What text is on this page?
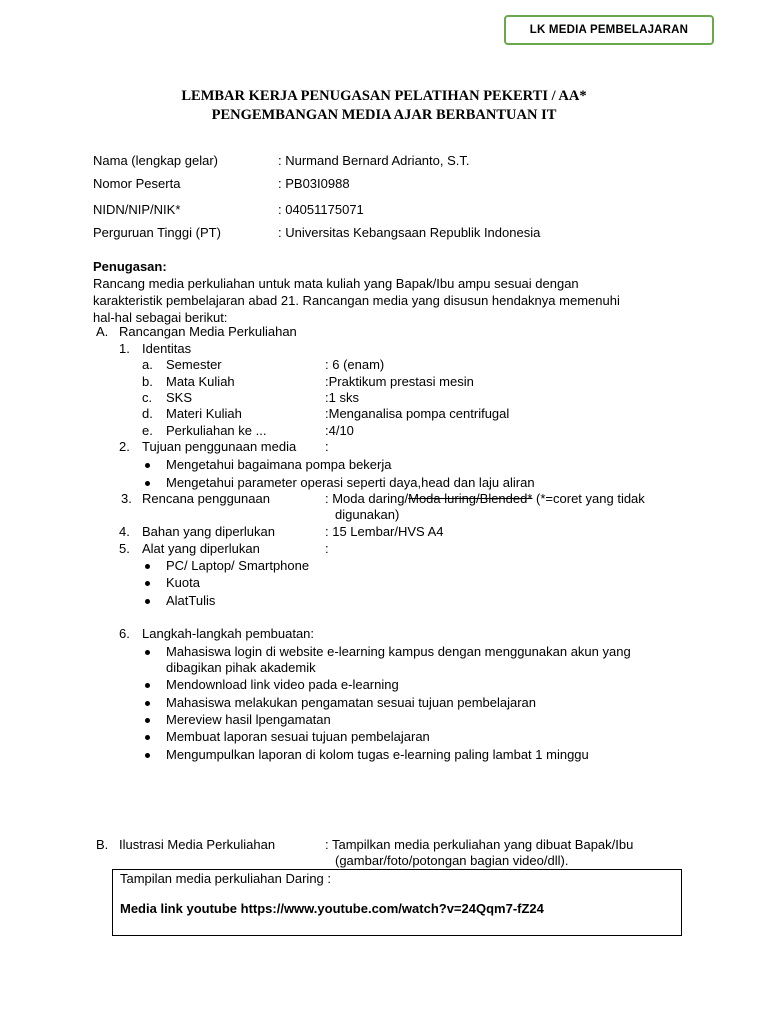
LK MEDIA PEMBELAJARAN
LEMBAR KERJA PENUGASAN PELATIHAN PEKERTI / AA*
PENGEMBANGAN MEDIA AJAR BERBANTUAN IT
Nama (lengkap gelar)	: Nurmand Bernard Adrianto, S.T.
Nomor Peserta	: PB03I0988
NIDN/NIP/NIK*	: 04051175071
Perguruan Tinggi (PT)	: Universitas Kebangsaan Republik Indonesia
Penugasan:
Rancang media perkuliahan untuk mata kuliah yang Bapak/Ibu ampu sesuai dengan
karakteristik pembelajaran abad 21. Rancangan media yang disusun hendaknya memenuhi
hal-hal sebagai berikut:
A. Rancangan Media Perkuliahan
1. Identitas
a. Semester	: 6 (enam)
b. Mata Kuliah	:Praktikum prestasi mesin
c. SKS	:1 sks
d. Materi Kuliah	:Menganalisa pompa centrifugal
e. Perkuliahan ke ...	:4/10
2. Tujuan penggunaan media :
Mengetahui bagaimana pompa bekerja
Mengetahui parameter operasi seperti daya,head dan laju aliran
3. Rencana penggunaan	: Moda daring/Moda luring/Blended* (*=coret yang tidak
digunakan)
4. Bahan yang diperlukan	: 15 Lembar/HVS A4
5. Alat yang diperlukan	:
PC/ Laptop/ Smartphone
Kuota
AlatTulis
6. Langkah-langkah pembuatan:
Mahasiswa login di website e-learning kampus dengan menggunakan akun yang
dibagikan pihak akademik
Mendownload link video pada e-learning
Mahasiswa melakukan pengamatan sesuai tujuan pembelajaran
Mereview hasil lpengamatan
Membuat laporan sesuai tujuan pembelajaran
Mengumpulkan laporan di kolom tugas e-learning paling lambat 1 minggu
B. Ilustrasi Media Perkuliahan	: Tampilkan media perkuliahan yang dibuat Bapak/Ibu
(gambar/foto/potongan bagian video/dll).
Tampilan media perkuliahan Daring :
Media link youtube https://www.youtube.com/watch?v=24Qqm7-fZ24
